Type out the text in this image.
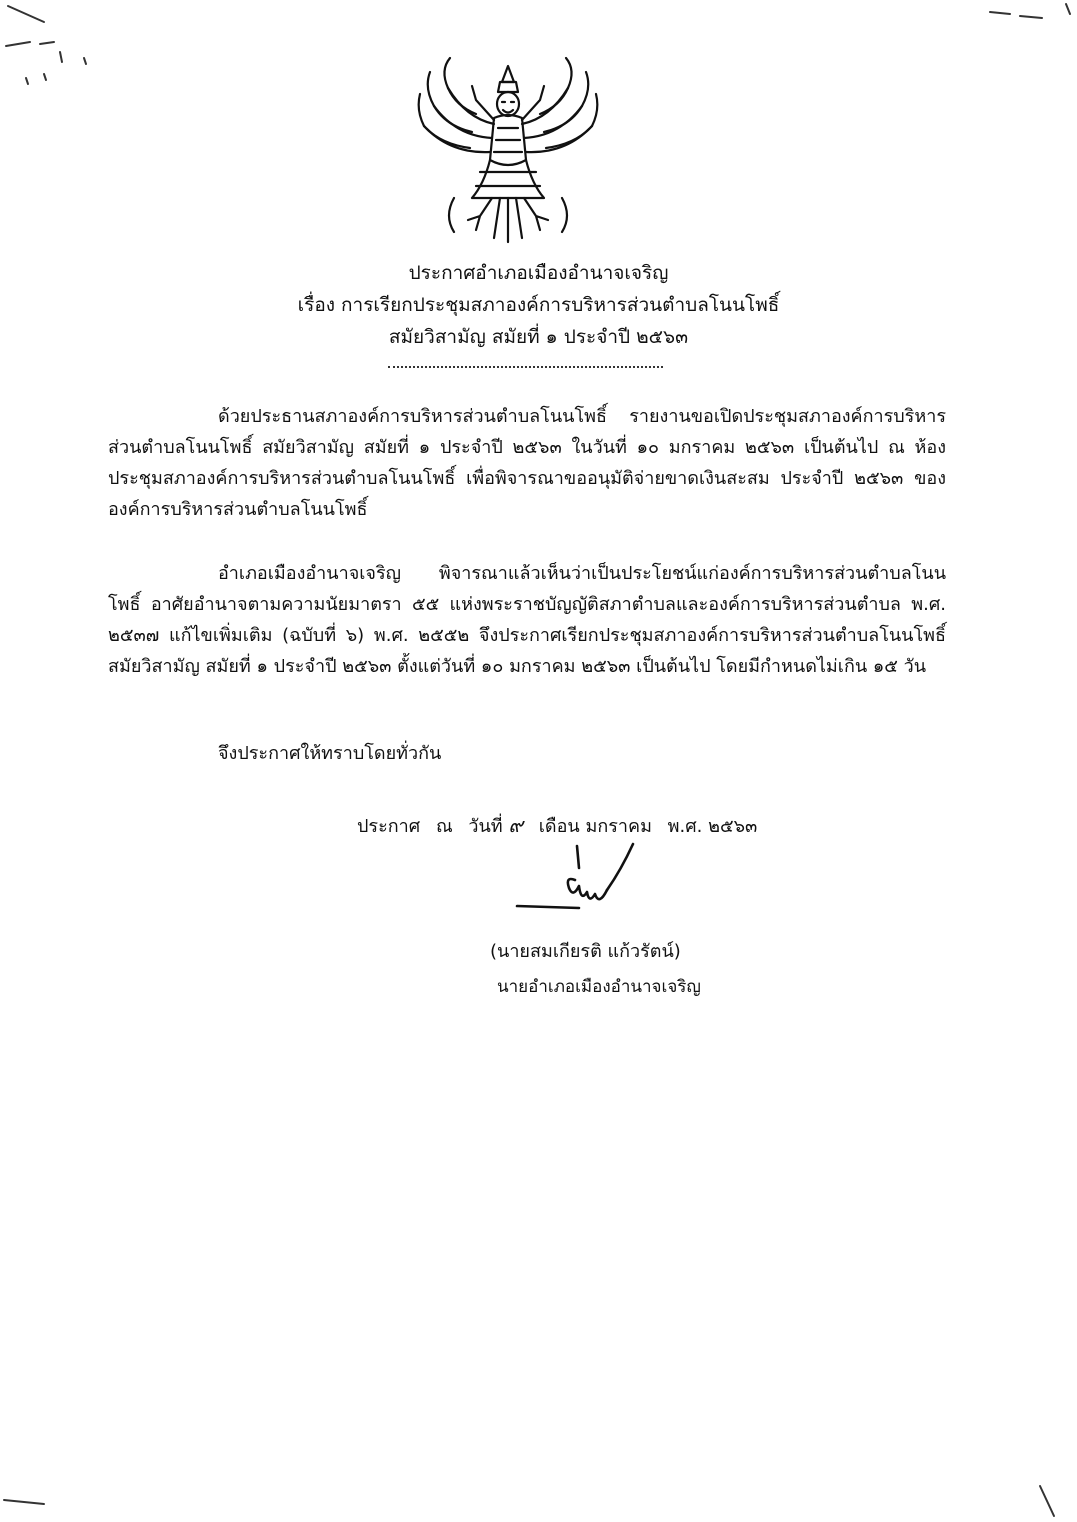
ประกาศอำเภอเมืองอำนาจเจริญ
เรื่อง การเรียกประชุมสภาองค์การบริหารส่วนตำบลโนนโพธิ์
สมัยวิสามัญ สมัยที่ ๑ ประจำปี ๒๕๖๓

ด้วยประธานสภาองค์การบริหารส่วนตำบลโนนโพธิ์ รายงานขอเปิดประชุมสภาองค์การบริหารส่วนตำบลโนนโพธิ์ สมัยวิสามัญ สมัยที่ ๑ ประจำปี ๒๕๖๓ ในวันที่ ๑๐ มกราคม ๒๕๖๓ เป็นต้นไป ณ ห้องประชุมสภาองค์การบริหารส่วนตำบลโนนโพธิ์ เพื่อพิจารณาขออนุมัติจ่ายขาดเงินสะสม ประจำปี ๒๕๖๓ ขององค์การบริหารส่วนตำบลโนนโพธิ์

อำเภอเมืองอำนาจเจริญ พิจารณาแล้วเห็นว่าเป็นประโยชน์แก่องค์การบริหารส่วนตำบลโนนโพธิ์ อาศัยอำนาจตามความนัยมาตรา ๕๕ แห่งพระราชบัญญัติสภาตำบลและองค์การบริหารส่วนตำบล พ.ศ. ๒๕๓๗ แก้ไขเพิ่มเติม (ฉบับที่ ๖) พ.ศ. ๒๕๕๒ จึงประกาศเรียกประชุมสภาองค์การบริหารส่วนตำบลโนนโพธิ์ สมัยวิสามัญ สมัยที่ ๑ ประจำปี ๒๕๖๓ ตั้งแต่วันที่ ๑๐ มกราคม ๒๕๖๓ เป็นต้นไป โดยมีกำหนดไม่เกิน ๑๕ วัน

จึงประกาศให้ทราบโดยทั่วกัน
ประกาศ ณ วันที่ ๙ เดือน มกราคม พ.ศ. ๒๕๖๓
(นายสมเกียรติ แก้วรัตน์)
นายอำเภอเมืองอำนาจเจริญ
